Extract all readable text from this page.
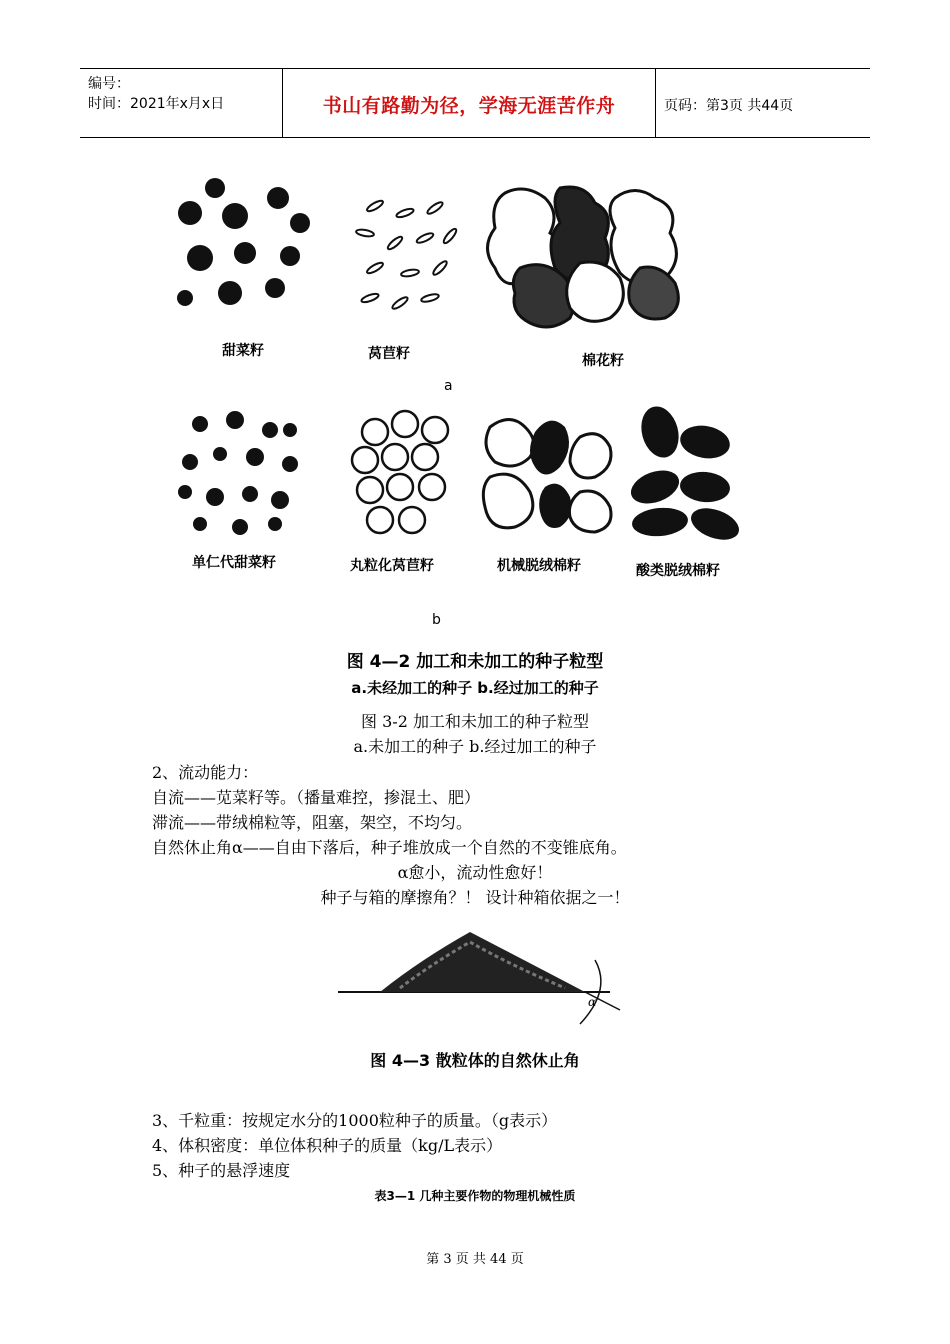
编号：
时间：2021年x月x日	书山有路勤为径，学海无涯苦作舟	页码：第3页 共44页
a
甜菜籽	莴苣籽	棉花籽
b
单仁代甜菜籽	丸粒化莴苣籽	机械脱绒棉籽	酸类脱绒棉籽
图 4—2 加工和未加工的种子粒型
a.未经加工的种子 b.经过加工的种子
图 3-2 加工和未加工的种子粒型
a.未加工的种子 b.经过加工的种子
2、流动能力：
自流——苋菜籽等。（播量难控，掺混土、肥）
滞流——带绒棉粒等，阻塞，架空，不均匀。
自然休止角α——自由下落后，种子堆放成一个自然的不变锥底角。
α愈小，流动性愈好！
种子与箱的摩擦角？！ 设计种箱依据之一！
α
图 4—3 散粒体的自然休止角
3、千粒重：按规定水分的1000粒种子的质量。（g表示）
4、体积密度：单位体积种子的质量（kg/L表示）
5、种子的悬浮速度
表3—1 几种主要作物的物理机械性质
第 3 页 共 44 页
